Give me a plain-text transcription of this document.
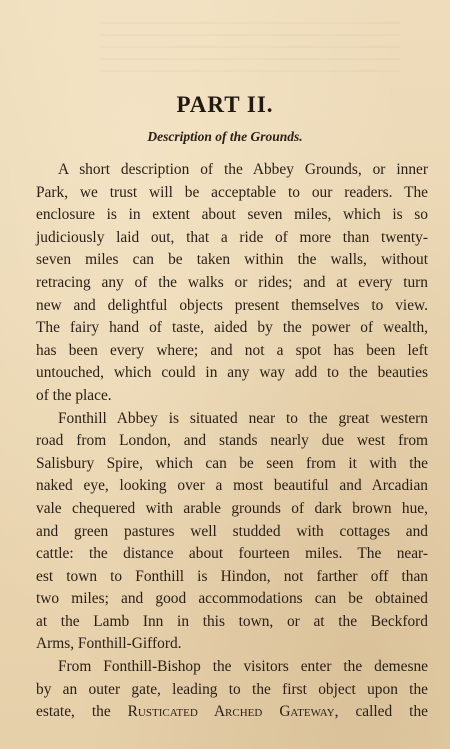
PART II.
Description of the Grounds.
A short description of the Abbey Grounds, or inner
Park, we trust will be acceptable to our readers. The
enclosure is in extent about seven miles, which is so
judiciously laid out, that a ride of more than twenty-
seven miles can be taken within the walls, without
retracing any of the walks or rides; and at every turn
new and delightful objects present themselves to view.
The fairy hand of taste, aided by the power of wealth,
has been every where; and not a spot has been left
untouched, which could in any way add to the beauties
of the place.
Fonthill Abbey is situated near to the great western
road from London, and stands nearly due west from
Salisbury Spire, which can be seen from it with the
naked eye, looking over a most beautiful and Arcadian
vale chequered with arable grounds of dark brown hue,
and green pastures well studded with cottages and
cattle: the distance about fourteen miles. The near-
est town to Fonthill is Hindon, not farther off than
two miles; and good accommodations can be obtained
at the Lamb Inn in this town, or at the Beckford
Arms, Fonthill-Gifford.
From Fonthill-Bishop the visitors enter the demesne
by an outer gate, leading to the first object upon the
estate, the Rusticated Arched Gateway, called the
